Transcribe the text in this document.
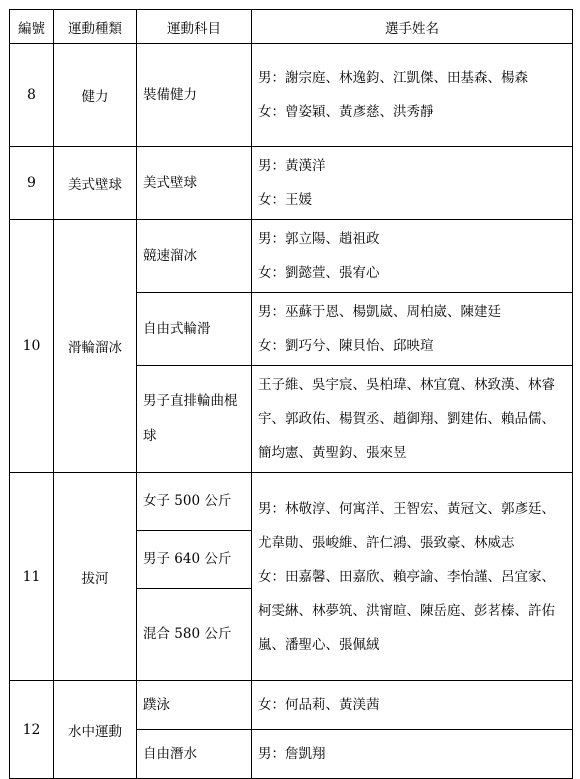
編號	運動種類	運動科目	選手姓名
8	健力	裝備健力	男：謝宗庭、林逸鈞、江凱傑、田基森、楊森
女：曾姿穎、黃彥慈、洪秀靜

9	美式壁球	美式壁球	男：黃漢洋
女：王媛

10	滑輪溜冰	競速溜冰	男：郭立陽、趙祖政
女：劉懿萱、張宥心

		自由式輪滑	男：巫蘇于恩、楊凱崴、周柏崴、陳建廷
女：劉巧兮、陳貝怡、邱映瑄

		男子直排輪曲棍球	王子維、吳宇宸、吳柏瑋、林宜寬、林致漢、林睿宇、郭政佑、楊賀丞、趙御翔、劉建佑、賴品儒、簡均憲、黃聖鈞、張來昱
11	拔河	女子 500 公斤	男：林敬淳、何寓洋、王智宏、黃冠文、郭彥廷、尤韋勛、張峻維、許仁鴻、張致豪、林威志
女：田嘉馨、田嘉欣、賴亭諭、李怡謹、呂宜家、柯雯綝、林夢筑、洪甯暄、陳岳庭、彭茗榛、許佑嵐、潘聖心、張佩絨

		男子 640 公斤	
		混合 580 公斤	
12	水中運動	蹼泳	女：何品莉、黃渼茜
		自由潛水	男：詹凱翔
